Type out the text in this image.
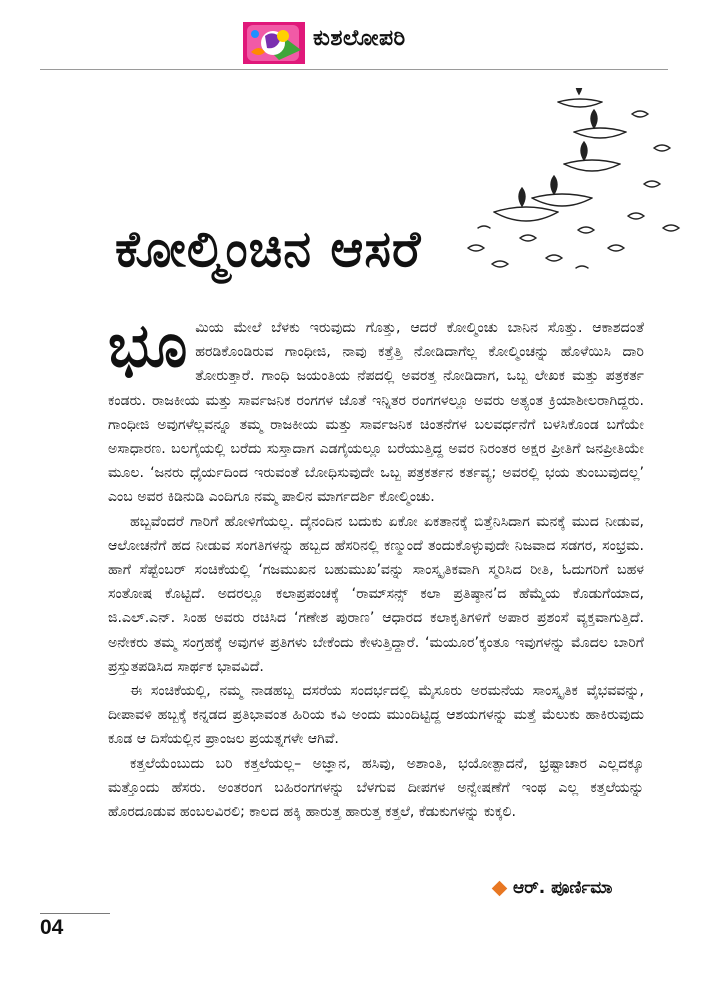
ಕುಶಲೋಪರಿ
ಕೋಲ್ಮಿಂಚಿನ ಆಸರೆ

ಭೂಮಿಯ ಮೇಲೆ ಬೆಳಕು ಇರುವುದು ಗೊತ್ತು, ಆದರೆ ಕೋಲ್ಮಿಂಚು ಬಾನಿನ ಸೊತ್ತು. ಆಕಾಶದಂತೆ ಹರಡಿಕೊಂಡಿರುವ ಗಾಂಧೀಜಿ, ನಾವು ಕತ್ತೆತ್ತಿ ನೋಡಿದಾಗೆಲ್ಲ ಕೋಲ್ಮಿಂಚನ್ನು ಹೊಳೆಯಿಸಿ ದಾರಿ ತೋರುತ್ತಾರೆ. ಗಾಂಧಿ ಜಯಂತಿಯ ನೆಪದಲ್ಲಿ ಅವರತ್ತ ನೋಡಿದಾಗ, ಒಬ್ಬ ಲೇಖಕ ಮತ್ತು ಪತ್ರಕರ್ತ ಕಂಡರು. ರಾಜಕೀಯ ಮತ್ತು ಸಾರ್ವಜನಿಕ ರಂಗಗಳ ಜೊತೆ ಇನ್ನಿತರ ರಂಗಗಳಲ್ಲೂ ಅವರು ಅತ್ಯಂತ ಕ್ರಿಯಾಶೀಲರಾಗಿದ್ದರು. ಗಾಂಧೀಜಿ ಅವುಗಳೆಲ್ಲವನ್ನೂ ತಮ್ಮ ರಾಜಕೀಯ ಮತ್ತು ಸಾರ್ವಜನಿಕ ಚಿಂತನೆಗಳ ಬಲವರ್ಧನೆಗೆ ಬಳಸಿಕೊಂಡ ಬಗೆಯೇ ಅಸಾಧಾರಣ. ಬಲಗೈಯಲ್ಲಿ ಬರೆದು ಸುಸ್ತಾದಾಗ ಎಡಗೈಯಲ್ಲೂ ಬರೆಯುತ್ತಿದ್ದ ಅವರ ನಿರಂತರ ಅಕ್ಷರ ಪ್ರೀತಿಗೆ ಜನಪ್ರೀತಿಯೇ ಮೂಲ. ‘ಜನರು ಧೈರ್ಯದಿಂದ ಇರುವಂತೆ ಬೋಧಿಸುವುದೇ ಒಬ್ಬ ಪತ್ರಕರ್ತನ ಕರ್ತವ್ಯ; ಅವರಲ್ಲಿ ಭಯ ತುಂಬುವುದಲ್ಲ’ ಎಂಬ ಅವರ ಕಿಡಿನುಡಿ ಎಂದಿಗೂ ನಮ್ಮ ಪಾಲಿನ ಮಾರ್ಗದರ್ಶಿ ಕೋಲ್ಮಿಂಚು.

ಹಬ್ಬವೆಂದರೆ ಗಾರಿಗೆ ಹೋಳಿಗೆಯಲ್ಲ. ದೈನಂದಿನ ಬದುಕು ಏಕೋ ಏಕತಾನಕ್ಕೆ ಬಿತ್ತೆನಿಸಿದಾಗ ಮನಕ್ಕೆ ಮುದ ನೀಡುವ, ಆಲೋಚನೆಗೆ ಹದ ನೀಡುವ ಸಂಗತಿಗಳನ್ನು ಹಬ್ಬದ ಹೆಸರಿನಲ್ಲಿ ಕಣ್ಮುಂದೆ ತಂದುಕೊಳ್ಳುವುದೇ ನಿಜವಾದ ಸಡಗರ, ಸಂಭ್ರಮ. ಹಾಗೆ ಸೆಪ್ಟೆಂಬರ್ ಸಂಚಿಕೆಯಲ್ಲಿ ‘ಗಜಮುಖನ ಬಹುಮುಖ’ವನ್ನು ಸಾಂಸ್ಕೃತಿಕವಾಗಿ ಸ್ಮರಿಸಿದ ರೀತಿ, ಓದುಗರಿಗೆ ಬಹಳ ಸಂತೋಷ ಕೊಟ್ಟಿದೆ. ಅದರಲ್ಲೂ ಕಲಾಪ್ರಪಂಚಕ್ಕೆ ‘ರಾಮ್‌ಸನ್ಸ್ ಕಲಾ ಪ್ರತಿಷ್ಠಾನ’ದ ಹೆಮ್ಮೆಯ ಕೊಡುಗೆಯಾದ, ಜಿ.ಎಲ್.ಎನ್. ಸಿಂಹ ಅವರು ರಚಿಸಿದ ‘ಗಣೇಶ ಪುರಾಣ’ ಆಧಾರದ ಕಲಾಕೃತಿಗಳಿಗೆ ಅಪಾರ ಪ್ರಶಂಸೆ ವ್ಯಕ್ತವಾಗುತ್ತಿದೆ. ಅನೇಕರು ತಮ್ಮ ಸಂಗ್ರಹಕ್ಕೆ ಅವುಗಳ ಪ್ರತಿಗಳು ಬೇಕೆಂದು ಕೇಳುತ್ತಿದ್ದಾರೆ. ‘ಮಯೂರ’ಕ್ಕಂತೂ ಇವುಗಳನ್ನು ಮೊದಲ ಬಾರಿಗೆ ಪ್ರಸ್ತುತಪಡಿಸಿದ ಸಾರ್ಥಕ ಭಾವವಿದೆ.

ಈ ಸಂಚಿಕೆಯಲ್ಲಿ, ನಮ್ಮ ನಾಡಹಬ್ಬ ದಸರೆಯ ಸಂದರ್ಭದಲ್ಲಿ ಮೈಸೂರು ಅರಮನೆಯ ಸಾಂಸ್ಕೃತಿಕ ವೈಭವವನ್ನು, ದೀಪಾವಳಿ ಹಬ್ಬಕ್ಕೆ ಕನ್ನಡದ ಪ್ರತಿಭಾವಂತ ಹಿರಿಯ ಕವಿ ಅಂದು ಮುಂದಿಟ್ಟಿದ್ದ ಆಶಯಗಳನ್ನು ಮತ್ತೆ ಮೆಲುಕು ಹಾಕಿರುವುದು ಕೂಡ ಆ ದಿಸೆಯಲ್ಲಿನ ಪ್ರಾಂಜಲ ಪ್ರಯತ್ನಗಳೇ ಆಗಿವೆ.

ಕತ್ತಲೆಯೆಂಬುದು ಬರಿ ಕತ್ತಲೆಯಲ್ಲ– ಅಜ್ಞಾನ, ಹಸಿವು, ಅಶಾಂತಿ, ಭಯೋತ್ಪಾದನೆ, ಭ್ರಷ್ಟಾಚಾರ ಎಲ್ಲದಕ್ಕೂ ಮತ್ತೊಂದು ಹೆಸರು. ಅಂತರಂಗ ಬಹಿರಂಗಗಳನ್ನು ಬೆಳಗುವ ದೀಪಗಳ ಅನ್ವೇಷಣೆಗೆ ಇಂಥ ಎಲ್ಲ ಕತ್ತಲೆಯನ್ನು ಹೊರದೂಡುವ ಹಂಬಲವಿರಲಿ; ಕಾಲದ ಹಕ್ಕಿ ಹಾರುತ್ತ ಹಾರುತ್ತ ಕತ್ತಲೆ, ಕೆಡುಕುಗಳನ್ನು ಕುಕ್ಕಲಿ.

ಆರ್. ಪೂರ್ಣಿಮಾ
04
